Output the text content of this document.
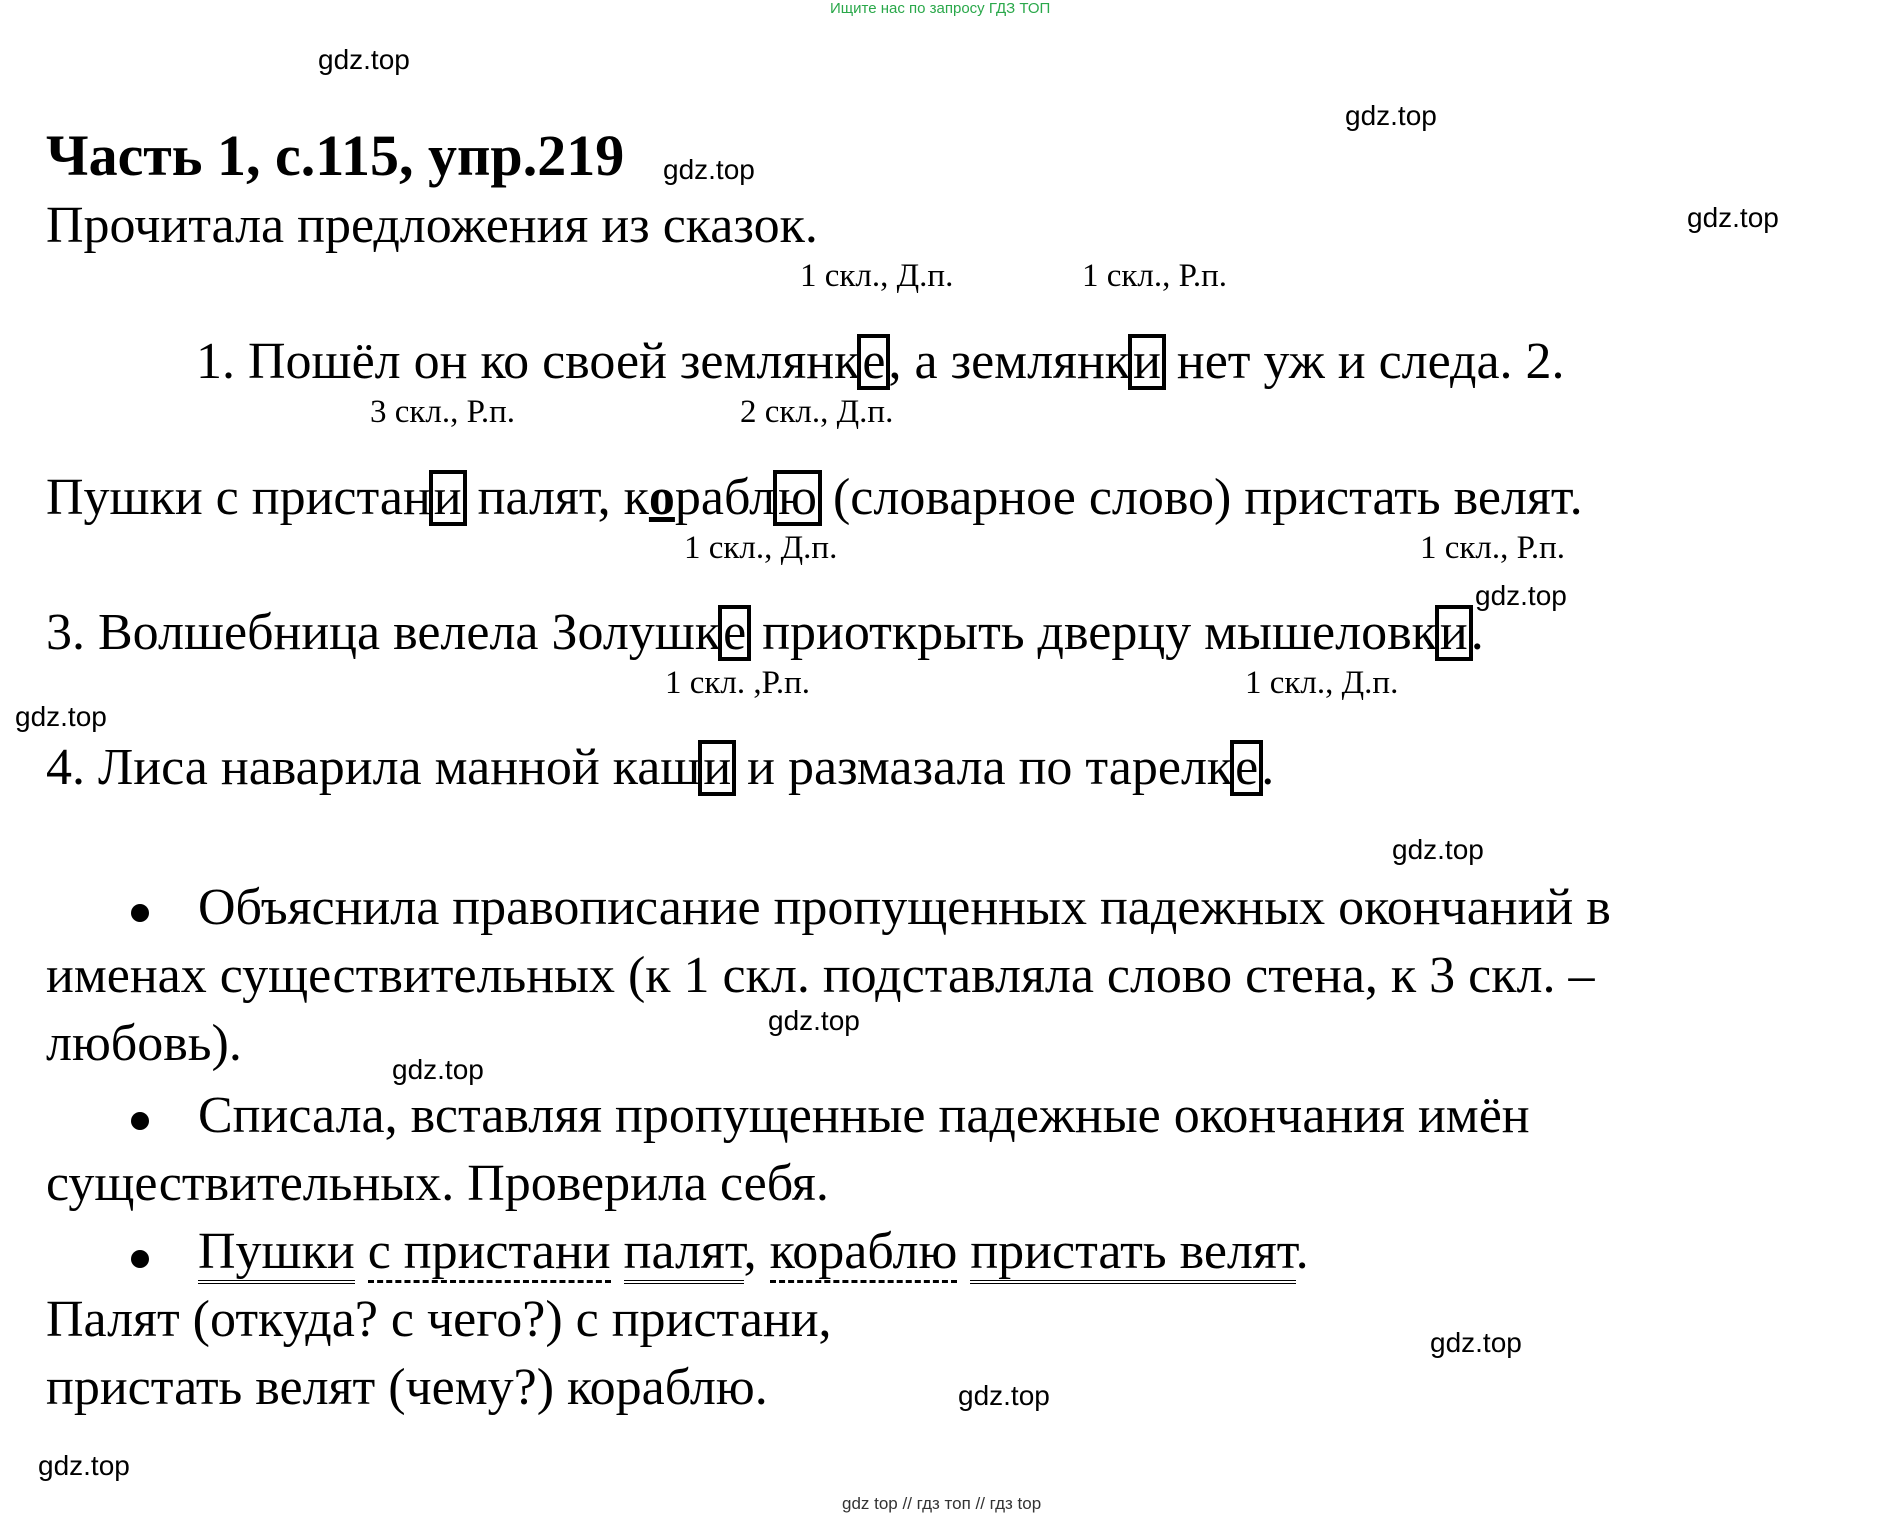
Ищите нас по запросу ГДЗ ТОП
gdz.top
gdz.top
gdz.top
gdz.top
gdz.top
gdz.top
gdz.top
gdz.top
gdz.top
gdz.top
gdz.top
gdz.top
Часть 1, с.115, упр.219
Прочитала предложения из сказок.
1 скл., Д.п.	1 скл., Р.п.
1. Пошёл он ко своей землянке, а землянки нет уж и следа. 2.
3 скл., Р.п.	2 скл., Д.п.
Пушки с пристани палят, кораблю (словарное слово) пристать велят.
1 скл., Д.п.	1 скл., Р.п.
3. Волшебница велела Золушке приоткрыть дверцу мышеловки.
1 скл. ,Р.п.	1 скл., Д.п.
4. Лиса наварила манной каши и размазала по тарелке.
Объяснила правописание пропущенных падежных окончаний в
именах существительных (к 1 скл. подставляла слово стена, к 3 скл. –
любовь).
Списала, вставляя пропущенные падежные окончания имён
существительных. Проверила себя.
Пушки с пристани палят, кораблю пристать велят.
Палят (откуда? с чего?) с пристани,
пристать велят (чему?) кораблю.
gdz top // гдз топ // гдз top
